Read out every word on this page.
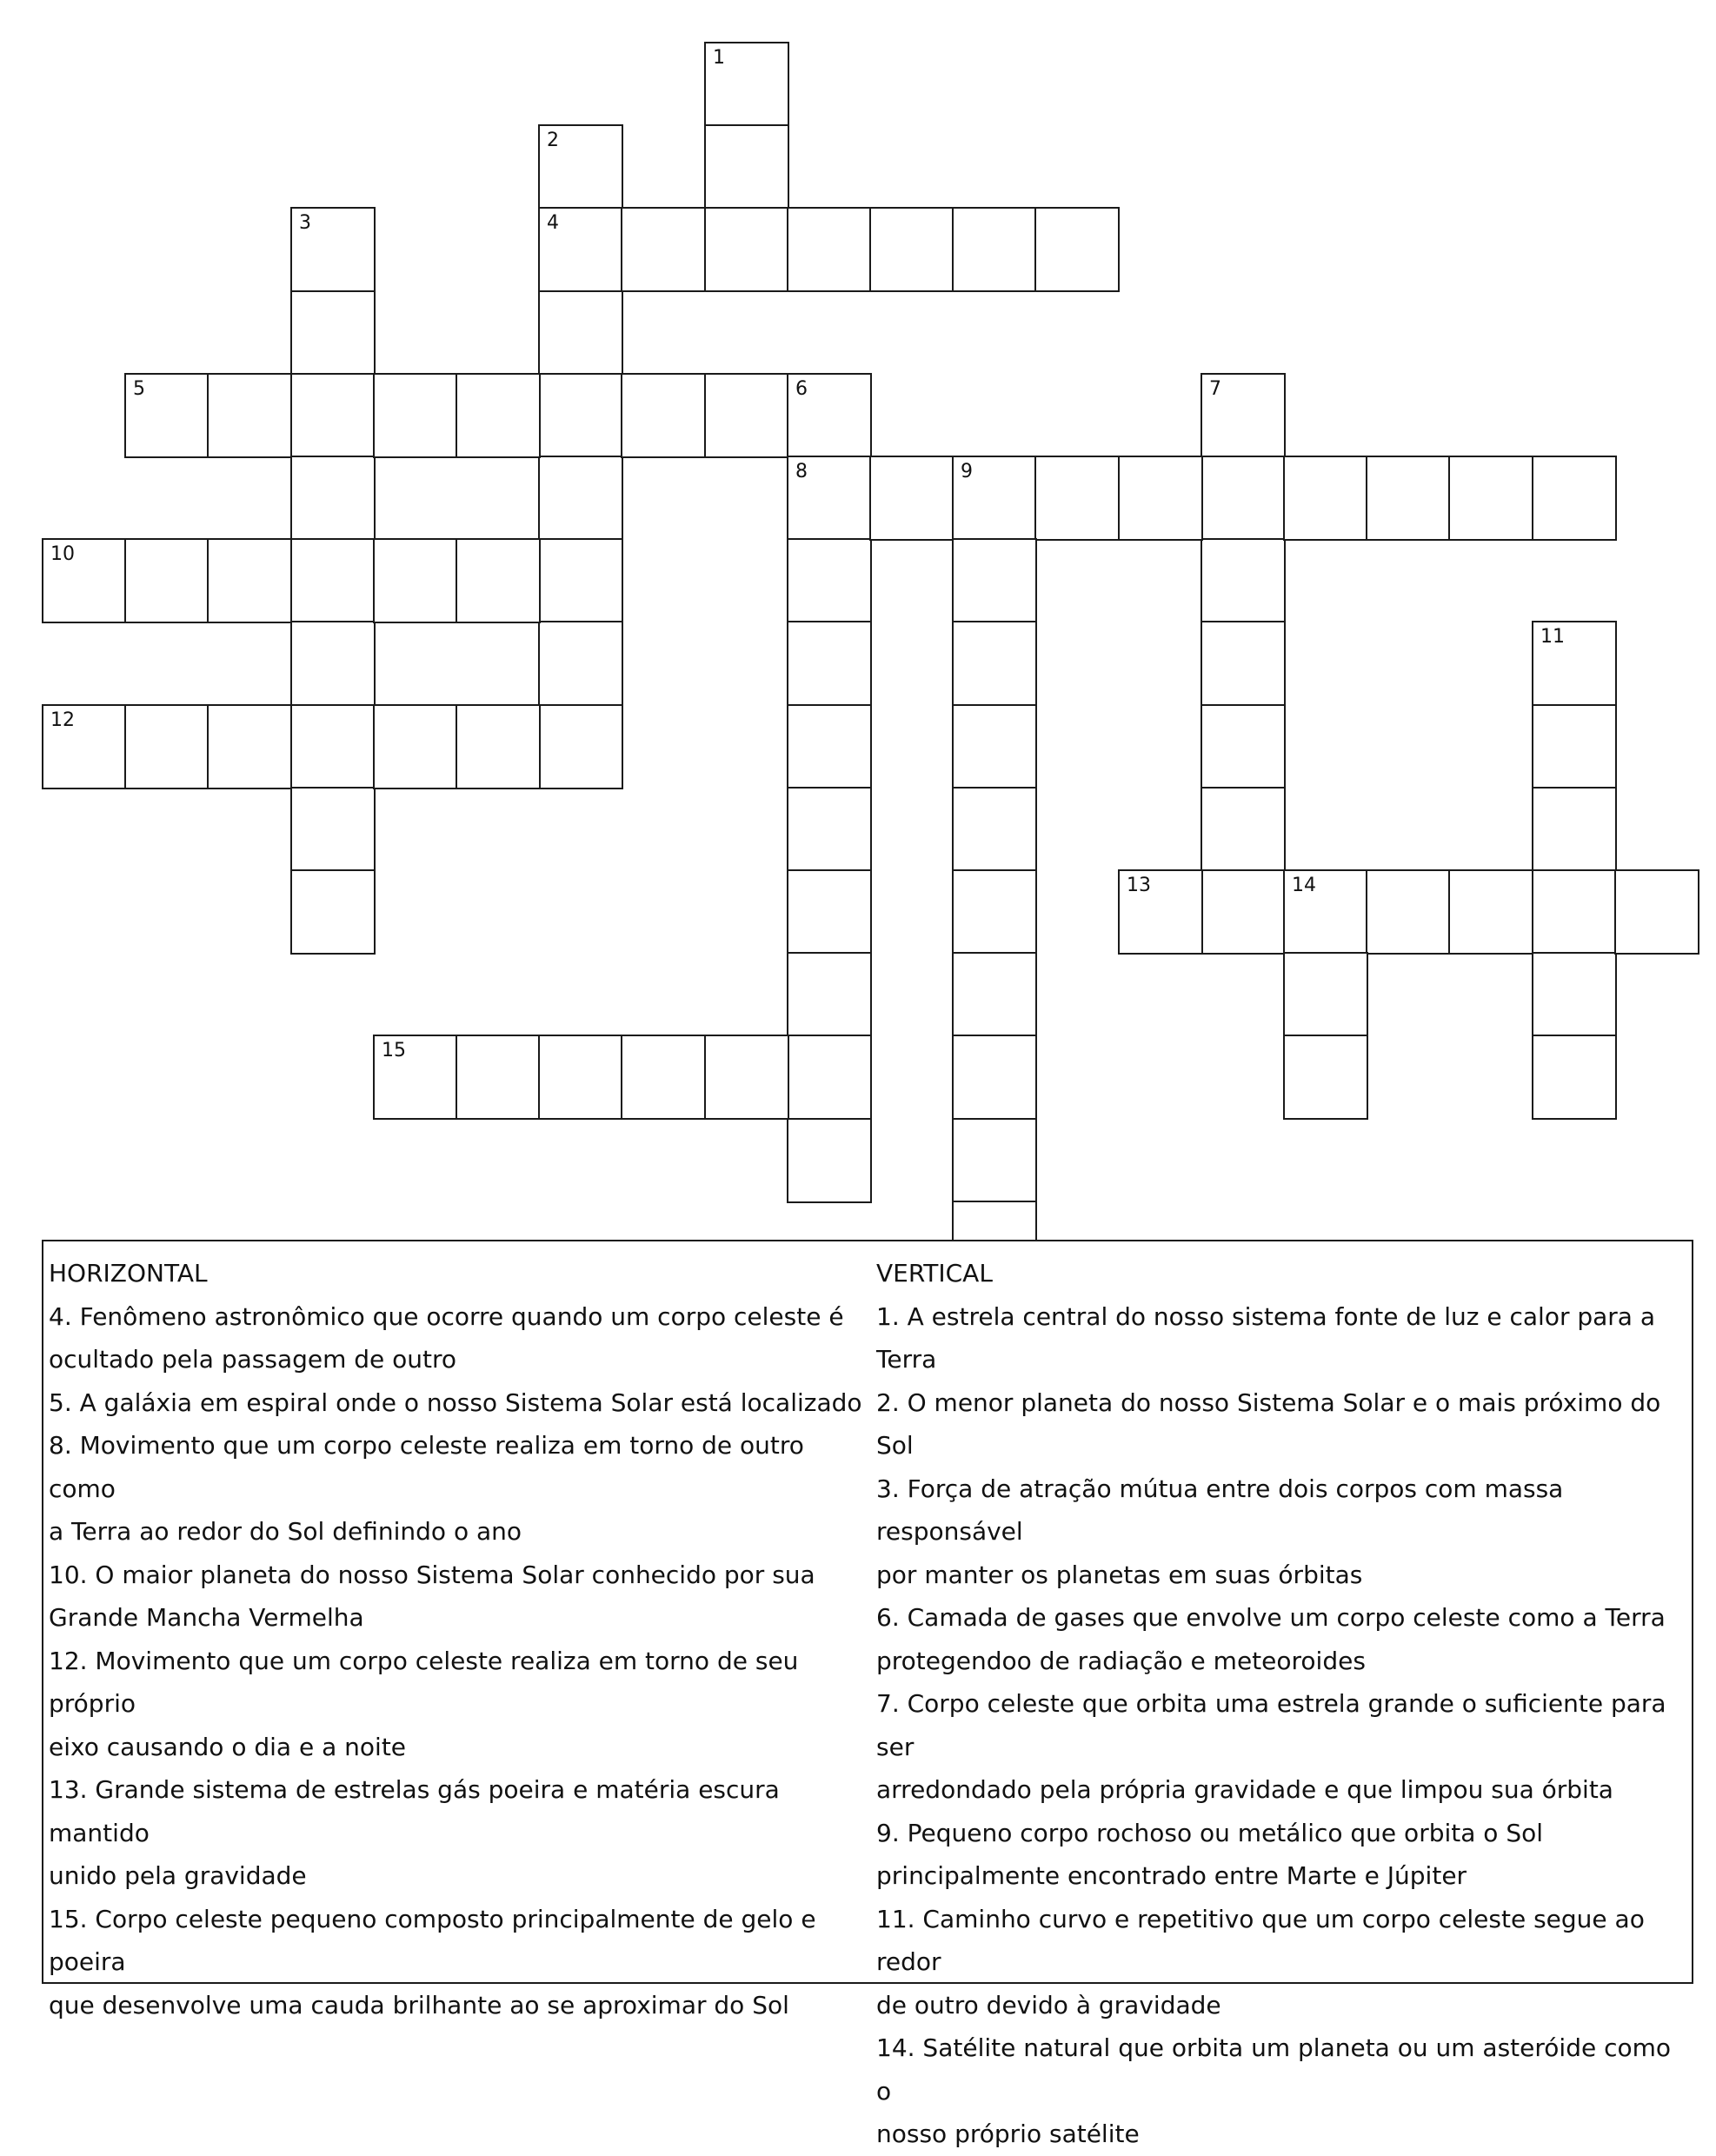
1
2
4
3
5	6
8
7
9
10
11
12
13	14
15
HORIZONTAL
4. Fenômeno astronômico que ocorre quando um corpo celeste é
ocultado pela passagem de outro
5. A galáxia em espiral onde o nosso Sistema Solar está localizado
8. Movimento que um corpo celeste realiza em torno de outro como
a Terra ao redor do Sol definindo o ano
10. O maior planeta do nosso Sistema Solar conhecido por sua
Grande Mancha Vermelha
12. Movimento que um corpo celeste realiza em torno de seu próprio
eixo causando o dia e a noite
13. Grande sistema de estrelas gás poeira e matéria escura mantido
unido pela gravidade
15. Corpo celeste pequeno composto principalmente de gelo e poeira
que desenvolve uma cauda brilhante ao se aproximar do Sol
VERTICAL
1. A estrela central do nosso sistema fonte de luz e calor para a
Terra
2. O menor planeta do nosso Sistema Solar e o mais próximo do Sol
3. Força de atração mútua entre dois corpos com massa responsável
por manter os planetas em suas órbitas
6. Camada de gases que envolve um corpo celeste como a Terra
protegendoo de radiação e meteoroides
7. Corpo celeste que orbita uma estrela grande o suficiente para ser
arredondado pela própria gravidade e que limpou sua órbita
9. Pequeno corpo rochoso ou metálico que orbita o Sol
principalmente encontrado entre Marte e Júpiter
11. Caminho curvo e repetitivo que um corpo celeste segue ao redor
de outro devido à gravidade
14. Satélite natural que orbita um planeta ou um asteróide como o
nosso próprio satélite
